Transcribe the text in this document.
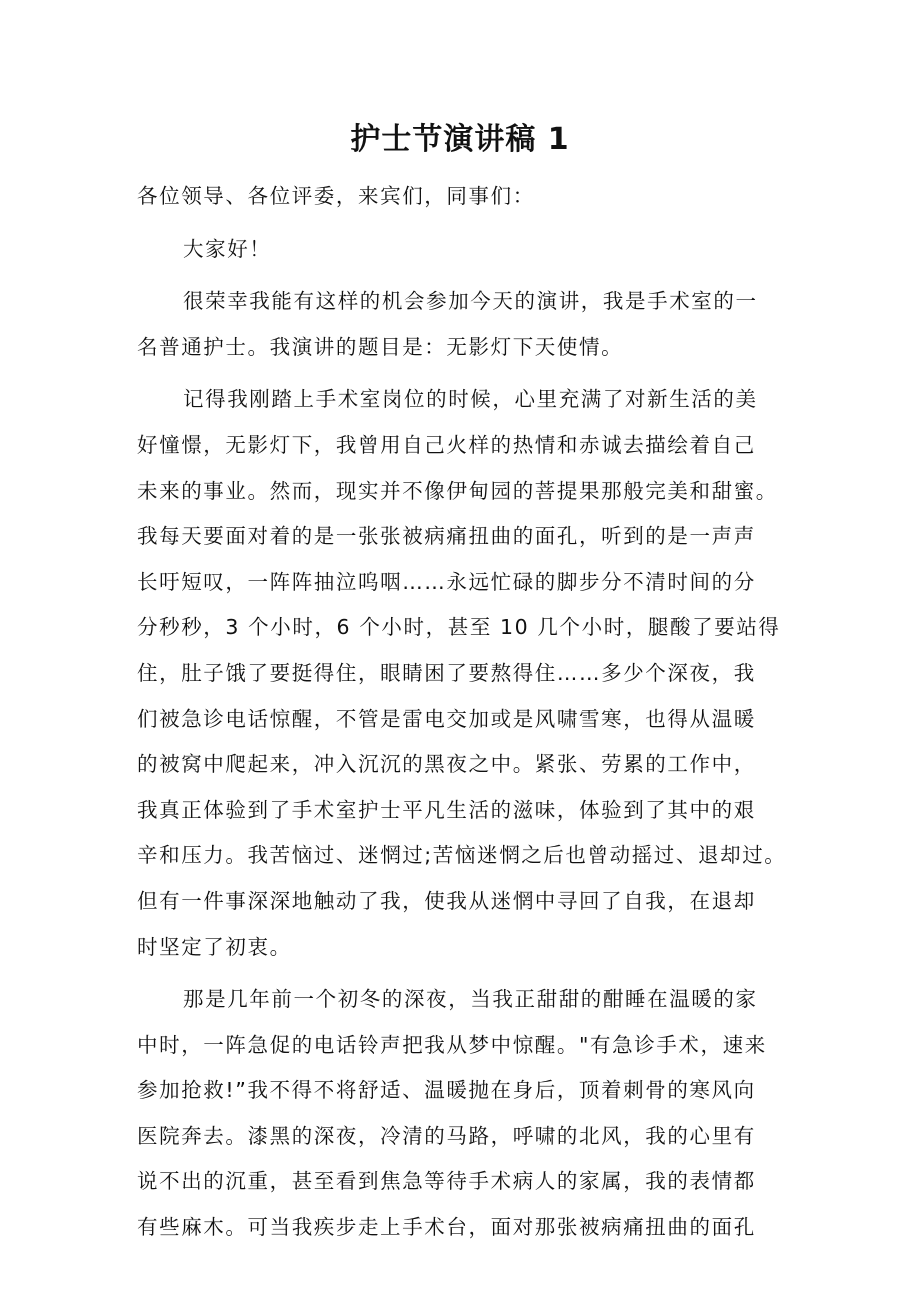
护士节演讲稿 1
各位领导、各位评委，来宾们，同事们：
大家好！
很荣幸我能有这样的机会参加今天的演讲，我是手术室的一
名普通护士。我演讲的题目是：无影灯下天使情。
记得我刚踏上手术室岗位的时候，心里充满了对新生活的美
好憧憬，无影灯下，我曾用自己火样的热情和赤诚去描绘着自己
未来的事业。然而，现实并不像伊甸园的菩提果那般完美和甜蜜。
我每天要面对着的是一张张被病痛扭曲的面孔，听到的是一声声
长吁短叹，一阵阵抽泣呜咽……永远忙碌的脚步分不清时间的分
分秒秒，3 个小时，6 个小时，甚至 10 几个小时，腿酸了要站得
住，肚子饿了要挺得住，眼睛困了要熬得住……多少个深夜，我
们被急诊电话惊醒，不管是雷电交加或是风啸雪寒，也得从温暖
的被窝中爬起来，冲入沉沉的黑夜之中。紧张、劳累的工作中，
我真正体验到了手术室护士平凡生活的滋味，体验到了其中的艰
辛和压力。我苦恼过、迷惘过;苦恼迷惘之后也曾动摇过、退却过。
但有一件事深深地触动了我，使我从迷惘中寻回了自我，在退却
时坚定了初衷。
那是几年前一个初冬的深夜，当我正甜甜的酣睡在温暖的家
中时，一阵急促的电话铃声把我从梦中惊醒。"有急诊手术，速来
参加抢救!”我不得不将舒适、温暖抛在身后，顶着刺骨的寒风向
医院奔去。漆黑的深夜，冷清的马路，呼啸的北风，我的心里有
说不出的沉重，甚至看到焦急等待手术病人的家属，我的表情都
有些麻木。可当我疾步走上手术台，面对那张被病痛扭曲的面孔
